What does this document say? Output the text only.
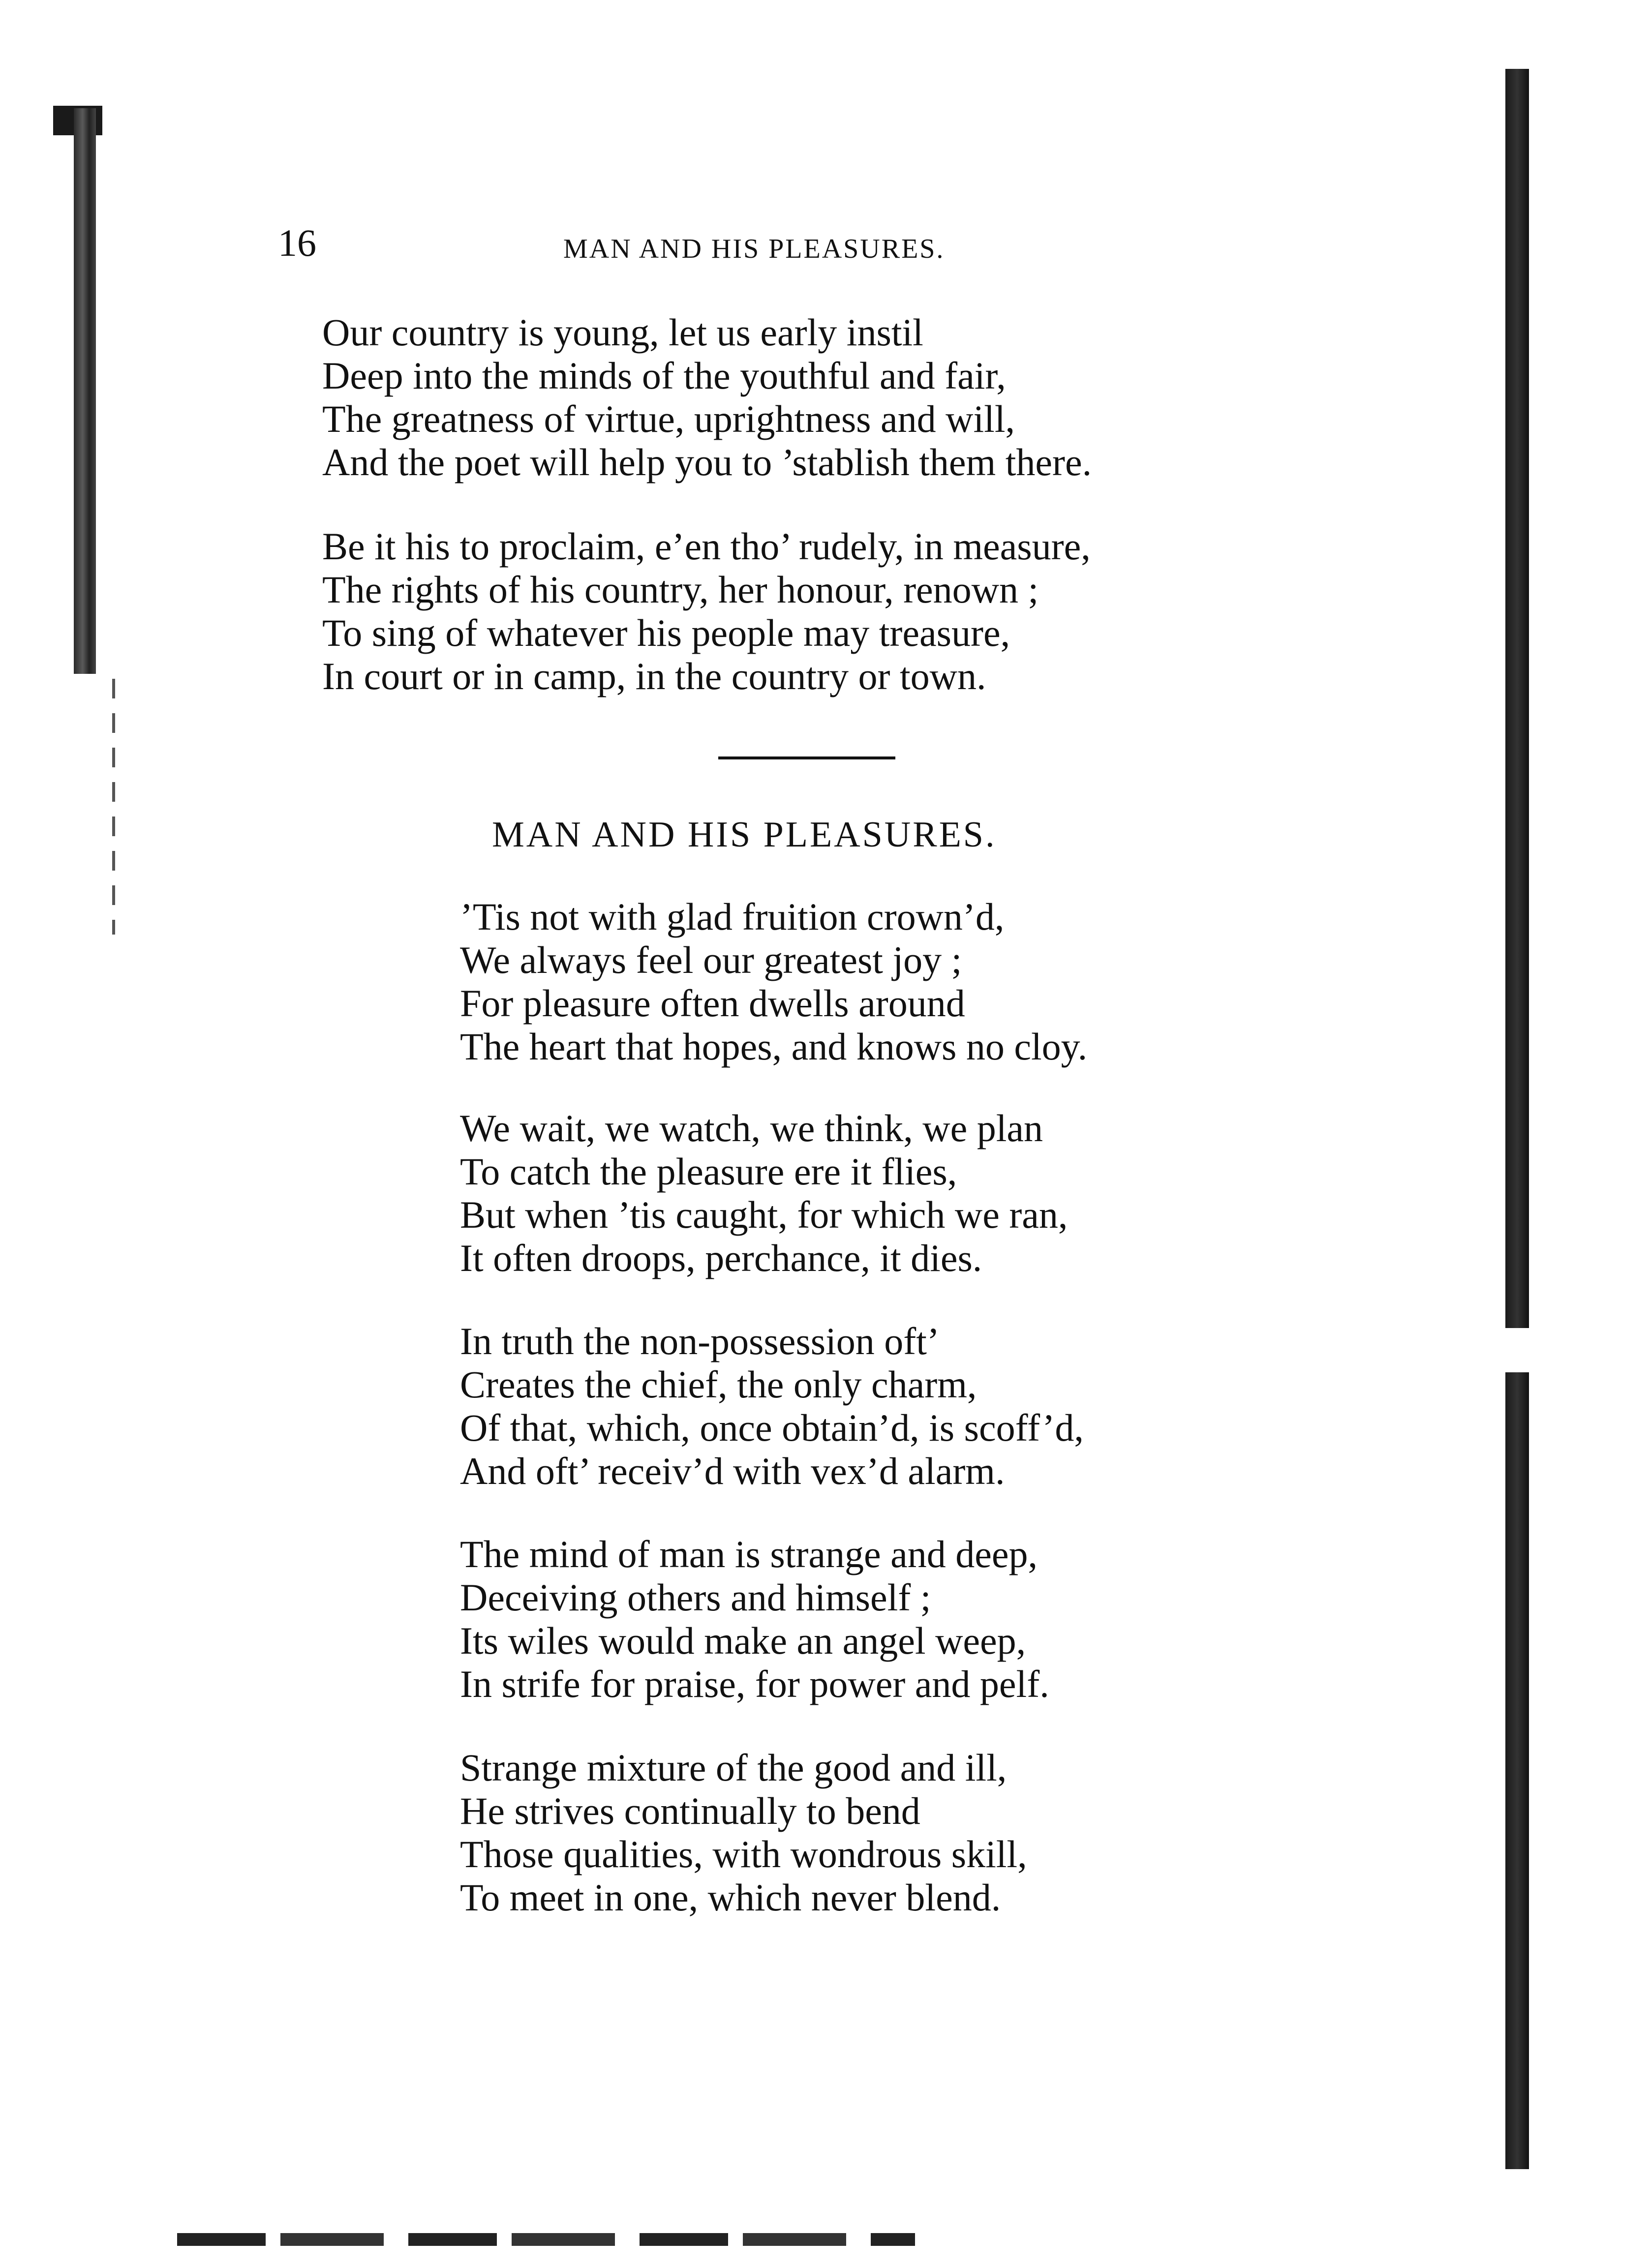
16	MAN AND HIS PLEASURES.
Our country is young, let us early instil
Deep into the minds of the youthful and fair,
The greatness of virtue, uprightness and will,
And the poet will help you to ’stablish them there.
Be it his to proclaim, e’en tho’ rudely, in measure,
The rights of his country, her honour, renown ;
To sing of whatever his people may treasure,
In court or in camp, in the country or town.
MAN AND HIS PLEASURES.
’Tis not with glad fruition crown’d,
We always feel our greatest joy ;
For pleasure often dwells around
The heart that hopes, and knows no cloy.
We wait, we watch, we think, we plan
To catch the pleasure ere it flies,
But when ’tis caught, for which we ran,
It often droops, perchance, it dies.
In truth the non-possession oft’
Creates the chief, the only charm,
Of that, which, once obtain’d, is scoff’d,
And oft’ receiv’d with vex’d alarm.
The mind of man is strange and deep,
Deceiving others and himself ;
Its wiles would make an angel weep,
In strife for praise, for power and pelf.
Strange mixture of the good and ill,
He strives continually to bend
Those qualities, with wondrous skill,
To meet in one, which never blend.
